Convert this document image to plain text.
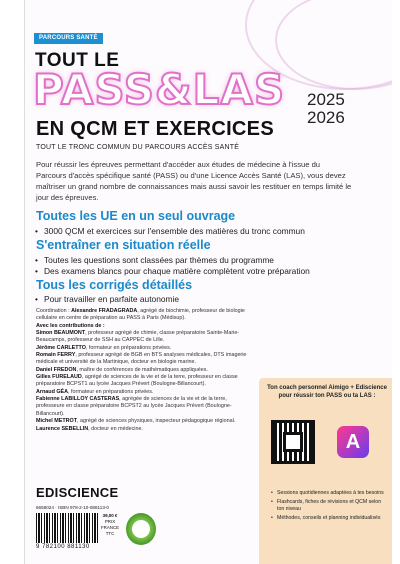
PARCOURS SANTÉ
TOUT LE
PASS&LAS 2025
2026
EN QCM ET EXERCICES
TOUT LE TRONC COMMUN DU PARCOURS ACCÈS SANTÉ
Pour réussir les épreuves permettant d'accéder aux études de médecine à l'issue du Parcours d'accès spécifique santé (PASS) ou d'une Licence Accès Santé (LAS), vous devez maîtriser un grand nombre de connaissances mais aussi savoir les restituer en temps limité le jour des épreuves.
Toutes les UE en un seul ouvrage
• 3000 QCM et exercices sur l'ensemble des matières du tronc commun
S'entraîner en situation réelle
• Toutes les questions sont classées par thèmes du programme
• Des examens blancs pour chaque matière complètent votre préparation
Tous les corrigés détaillés
• Pour travailler en parfaite autonomie
Coordination : Alexandre FRADAGRADA, agrégé de biochimie, professeur de biologie cellulaire en centre de préparation au PASS à Paris (Médisup).
Avec les contributions de :
Simon BEAUMONT, professeur agrégé de chimie, classe préparatoire Sainte-Marie-Beaucamps, professeur de SSH au CAPPEC de Lille.
Jérôme CARLETTO, formateur en préparations privées.
Romain FERRY, professeur agrégé de BGB en BTS analyses médicales, DTS imagerie médicale et université de la Martinique, docteur en biologie marine.
Daniel FREDON, maître de conférences de mathématiques appliquées.
Gilles FURELAUD, agrégé de sciences de la vie et de la terre, professeur en classe préparatoire BCPST1 au lycée Jacques Prévert (Boulogne-Billancourt).
Arnaud GÉA, formateur en préparations privées.
Fabienne LABILLOY CASTERAS, agrégée de sciences de la vie et de la terre, professeure en classe préparatoire BCPST2 au lycée Jacques Prévert (Boulogne-Billancourt).
Michel METROT, agrégé de sciences physiques, inspecteur pédagogique régional.
Laurence SEBELLIN, docteur en médecine.
Ton coach personnel Aimigo + Ediscience pour réussir ton PASS ou ta LAS :
A
• Sessions quotidiennes adaptées à tes besoins
• Flashcards, fiches de révisions et QCM selon ton niveau
• Méthodes, conseils et planning individualisés
EDISCIENCE
6658024 · ISBN 978-2-10-088113-0
9 782100 881130
39,00 €
PRIX
FRANCE
TTC
